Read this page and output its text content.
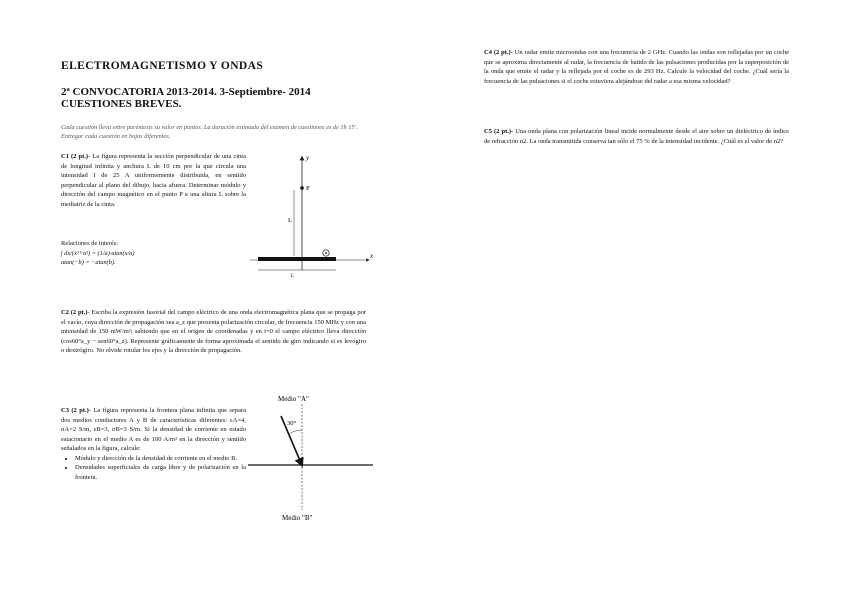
ELECTROMAGNETISMO Y ONDAS
2ª CONVOCATORIA 2013-2014. 3-Septiembre- 2014
CUESTIONES BREVES.
Cada cuestión lleva entre paréntesis su valor en puntos. La duración estimada del examen de cuestiones es de 1h 15'. Entregar cada cuestión en hojas diferentes.
C1 (2 pt.)- La figura representa la sección perpendicular de una cinta de longitud infinita y anchura L de 10 cm por la que circula una intensidad I de 25 A uniformemente distribuida, en sentido perpendicular al plano del dibujo, hacia afuera. Determinar módulo y dirección del campo magnético en el punto P a una altura L sobre la mediatriz de la cinta.
Relaciones de interés:
∫ dx/(x²+a²) = (1/a)·atan(x/a)
atan(−b) = −atan(b).
y
x
P
L
L
C2 (2 pt.)- Escriba la expresión fasorial del campo eléctrico de una onda electromagnética plana que se propaga por el vacío, cuya dirección de propagación sea a_z que presenta polarización circular, de frecuencia 150 MHz y con una intensidad de 150 mW/m²; sabiendo que en el origen de coordenadas y en t=0 el campo eléctrico lleva dirección (cos60°a_y − sen60°a_z). Represente gráficamente de forma aproximada el sentido de giro indicando si es levógiro o dextrógiro. No olvide rotular los ejes y la dirección de propagación.
C3 (2 pt.)- La figura representa la frontera plana infinita que separa dos medios conductores A y B de características diferentes: εA=4, σA=2 S/m, εB=3, σB=3 S/m. Si la densidad de corriente en estado estacionario en el medio A es de 100 A/m² en la dirección y sentido señalados en la figura, calcule:
• Módulo y dirección de la densidad de corriente en el medio B.
• Densidades superficiales de carga libre y de polarización en la frontera.
Medio "A"
30°
Medio "B"
C4 (2 pt.)- Un radar emite microondas con una frecuencia de 2 GHz. Cuando las ondas son reflejadas por un coche que se aproxima directamente al radar, la frecuencia de batido de las pulsaciones producidas por la superposición de la onda que emite el radar y la reflejada por el coche es de 293 Hz. Calcule la velocidad del coche. ¿Cuál sería la frecuencia de las pulsaciones si el coche estuviera alejándose del radar a esa misma velocidad?
C5 (2 pt.)- Una onda plana con polarización lineal incide normalmente desde el aire sobre un dieléctrico de índice de refracción n2. La onda transmitida conserva tan sólo el 75 % de la intensidad incidente. ¿Cuál es el valor de n2?
